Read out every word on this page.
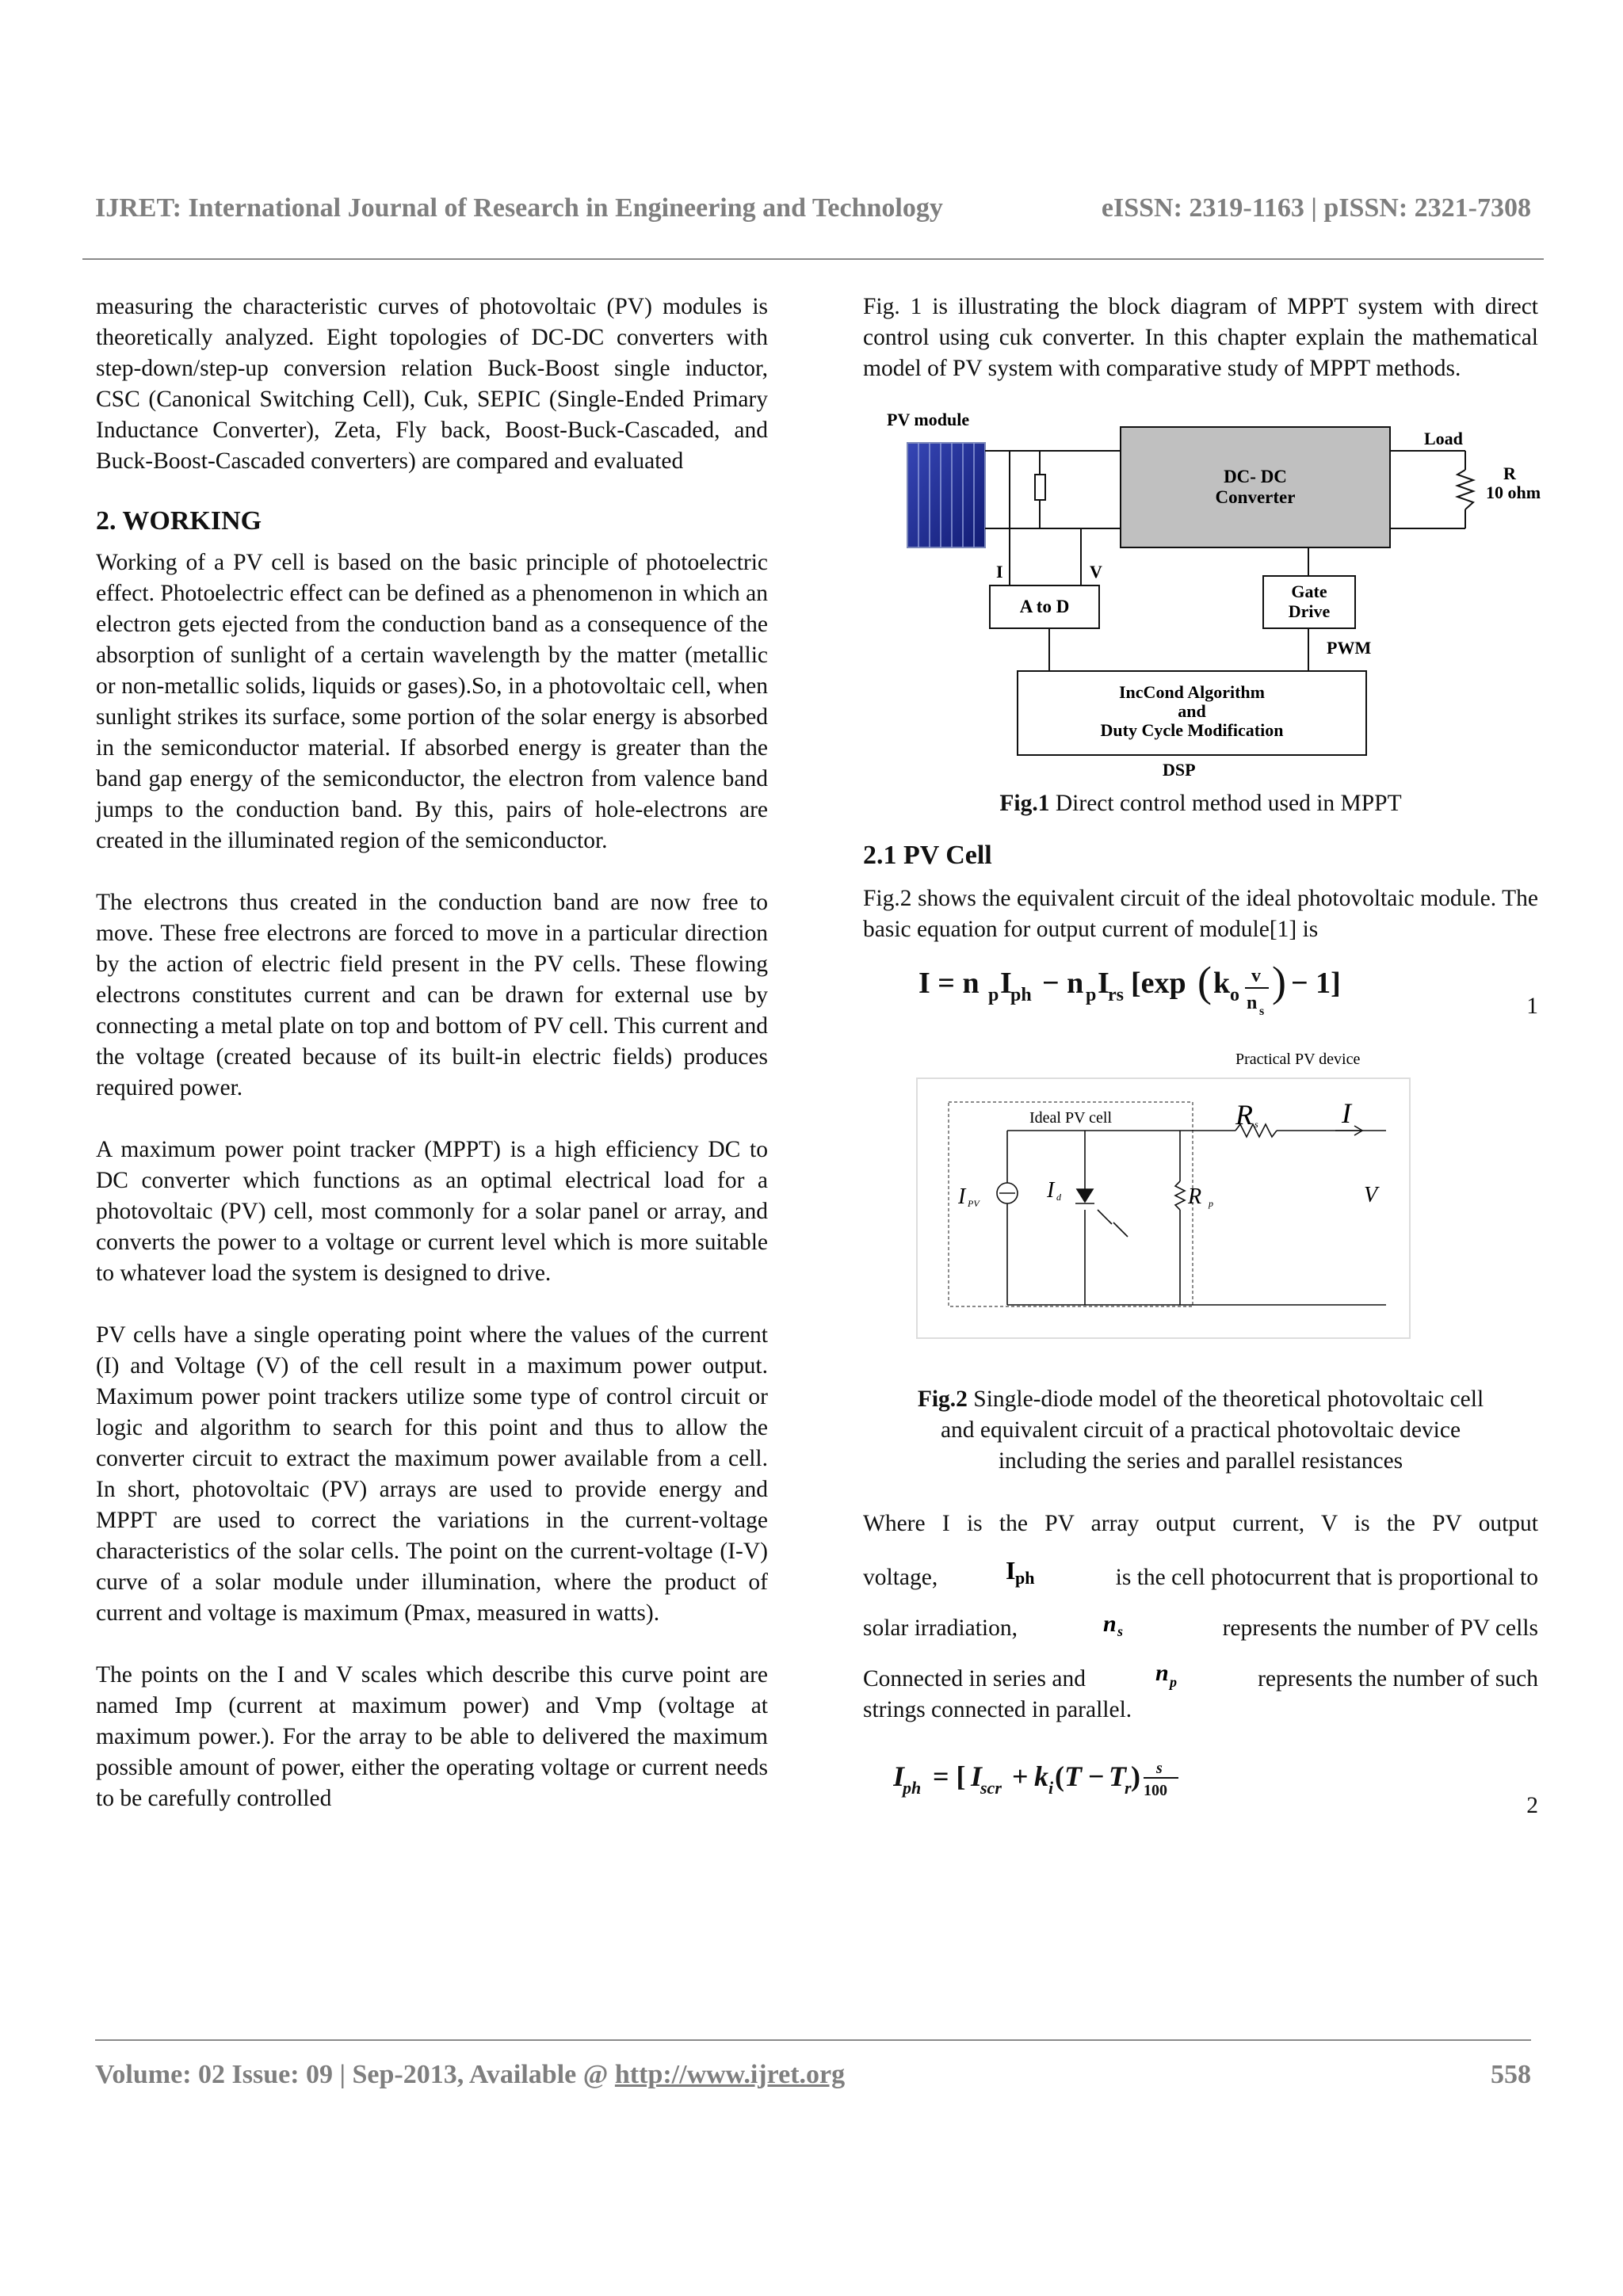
IJRET: International Journal of Research in Engineering and Technology	eISSN: 2319-1163 | pISSN: 2321-7308

measuring the characteristic curves of photovoltaic (PV) modules is theoretically analyzed. Eight topologies of DC-DC converters with step-down/step-up conversion relation Buck-Boost single inductor, CSC (Canonical Switching Cell), Cuk, SEPIC (Single-Ended Primary Inductance Converter), Zeta, Fly back, Boost-Buck-Cascaded, and Buck-Boost-Cascaded converters) are compared and evaluated

2. WORKING

Working of a PV cell is based on the basic principle of photoelectric effect. Photoelectric effect can be defined as a phenomenon in which an electron gets ejected from the conduction band as a consequence of the absorption of sunlight of a certain wavelength by the matter (metallic or non-metallic solids, liquids or gases).So, in a photovoltaic cell, when sunlight strikes its surface, some portion of the solar energy is absorbed in the semiconductor material. If absorbed energy is greater than the band gap energy of the semiconductor, the electron from valence band jumps to the conduction band. By this, pairs of hole-electrons are created in the illuminated region of the semiconductor.

The electrons thus created in the conduction band are now free to move. These free electrons are forced to move in a particular direction by the action of electric field present in the PV cells. These flowing electrons constitutes current and can be drawn for external use by connecting a metal plate on top and bottom of PV cell. This current and the voltage (created because of its built-in electric fields) produces required power.

A maximum power point tracker (MPPT) is a high efficiency DC to DC converter which functions as an optimal electrical load for a photovoltaic (PV) cell, most commonly for a solar panel or array, and converts the power to a voltage or current level which is more suitable to whatever load the system is designed to drive.

PV cells have a single operating point where the values of the current (I) and Voltage (V) of the cell result in a maximum power output. Maximum power point trackers utilize some type of control circuit or logic and algorithm to search for this point and thus to allow the converter circuit to extract the maximum power available from a cell. In short, photovoltaic (PV) arrays are used to provide energy and MPPT are used to correct the variations in the current-voltage characteristics of the solar cells. The point on the current-voltage (I-V) curve of a solar module under illumination, where the product of current and voltage is maximum (Pmax, measured in watts).

The points on the I and V scales which describe this curve point are named Imp (current at maximum power) and Vmp (voltage at maximum power.). For the array to be able to delivered the maximum possible amount of power, either the operating voltage or current needs to be carefully controlled

Fig. 1 is illustrating the block diagram of MPPT system with direct control using cuk converter. In this chapter explain the mathematical model of PV system with comparative study of MPPT methods.

PV module
DC- DC
Converter
Load
R
10 ohm
I	V
A to D
Gate
Drive
PWM
IncCond Algorithm
and
Duty Cycle Modification
DSP
Fig.1 Direct control method used in MPPT
2.1 PV Cell

Fig.2 shows the equivalent circuit of the ideal photovoltaic module. The basic equation for output current of module[1] is

I = n p I
ph − n p I
rs [exp ( k o
v
n s
) − 1]
1
Practical PV device
Ideal PV cell	R s	I
I PV
I d	R p	V
Fig.2 Single-diode model of the theoretical photovoltaic cell
and equivalent circuit of a practical photovoltaic device
including the series and parallel resistances
Where I is the PV array output current, V is the PV output
voltage,	I ph	is the cell photocurrent that is proportional to
solar irradiation,	n s	represents the number of PV cells
Connected in series and	n p	represents the number of such
strings connected in parallel.
I
ph = [ I
scr + k i ( T − T
r ) s
100
2
Volume: 02 Issue: 09 | Sep-2013, Available @ http://www.ijret.org	558
